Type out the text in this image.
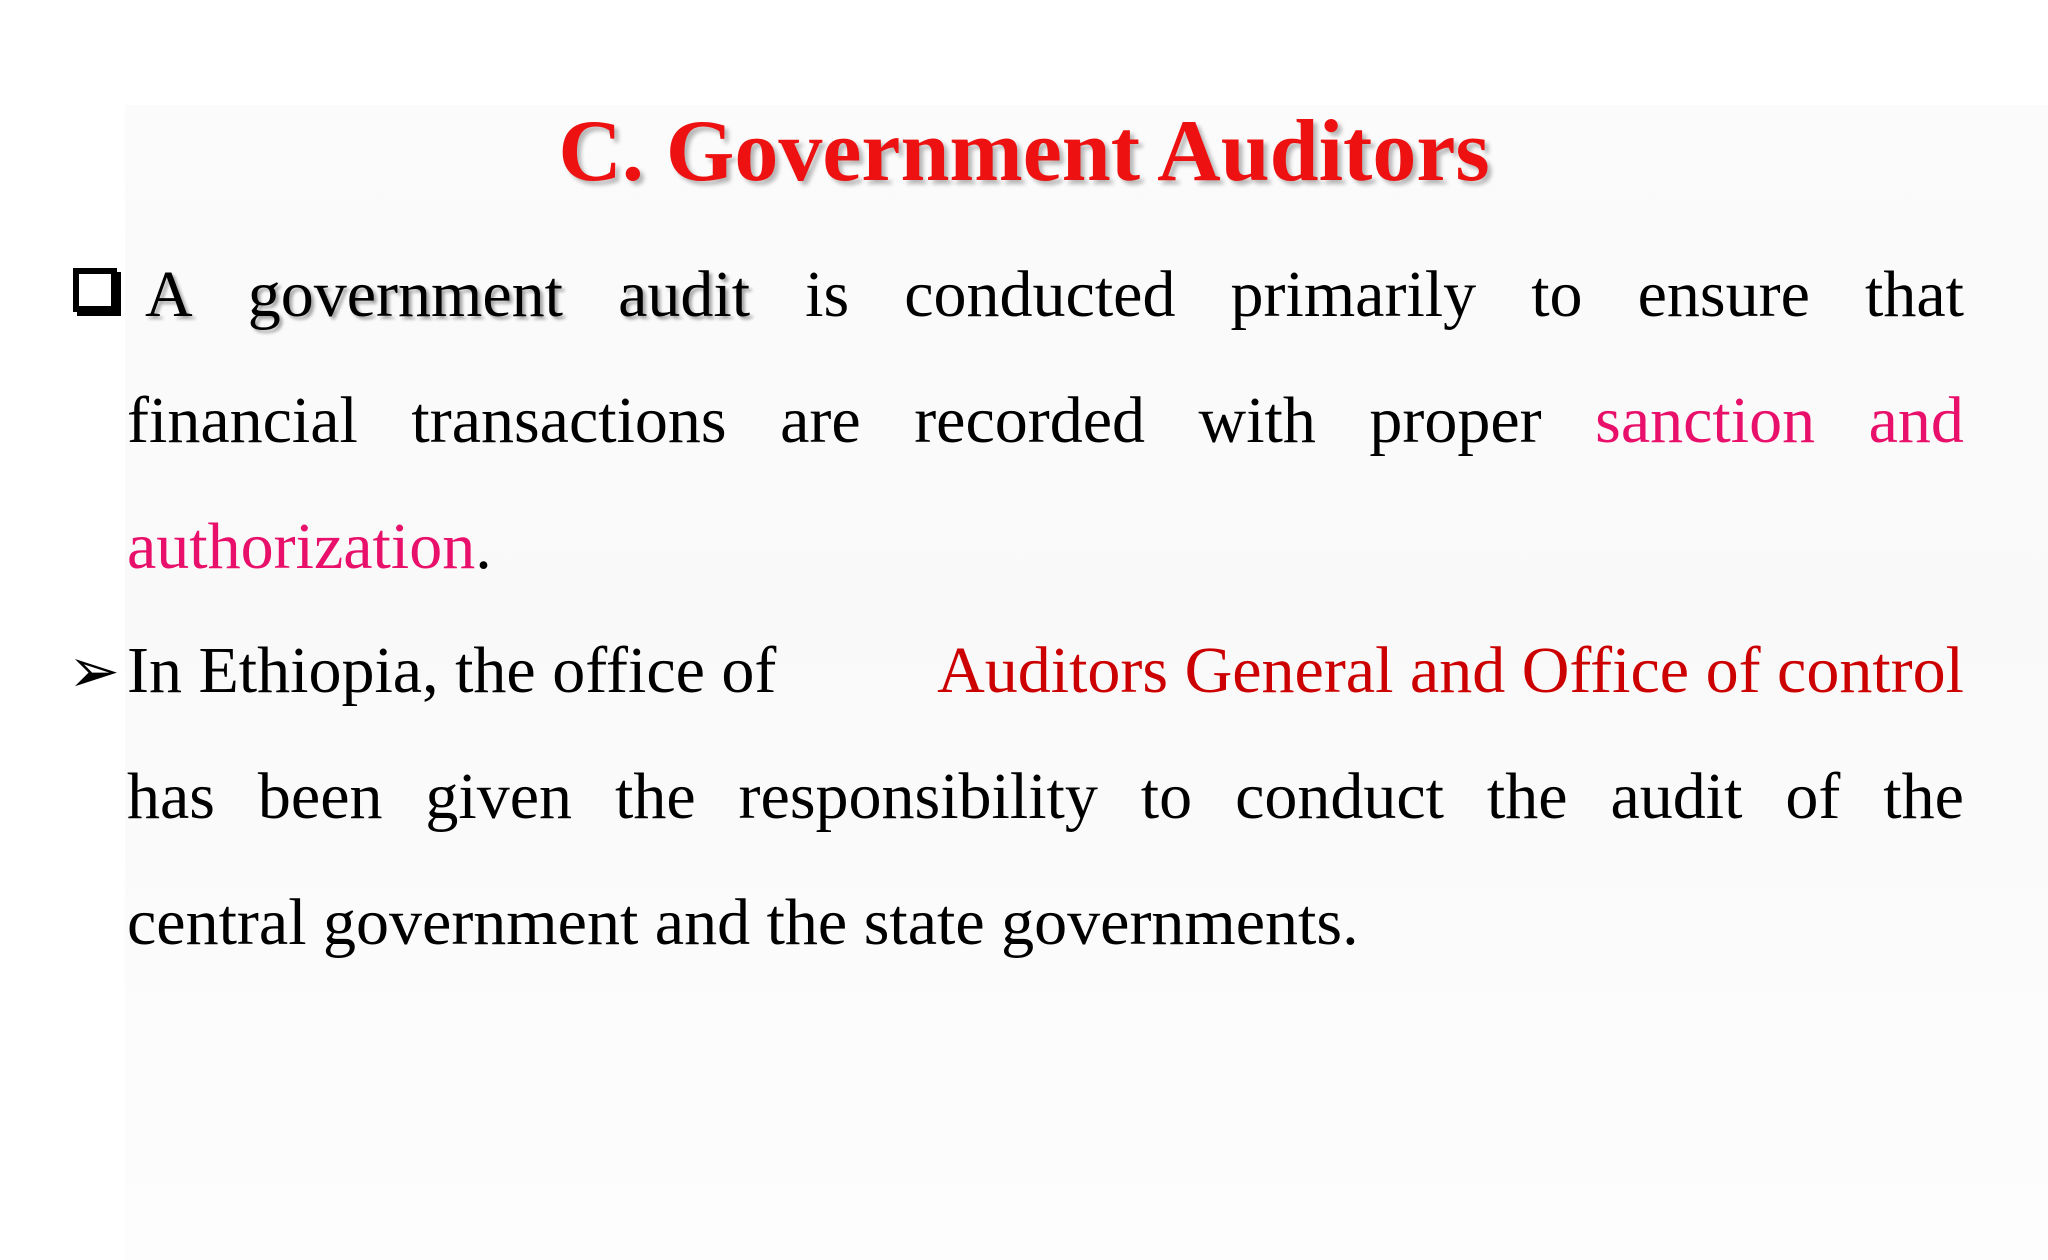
C. Government Auditors
A government audit is conducted primarily to ensure that
financial transactions are recorded with proper sanction and
authorization.
➢ In Ethiopia, the office of Auditors General and Office of control
has been given the responsibility to conduct the audit of the
central government and the state governments.
